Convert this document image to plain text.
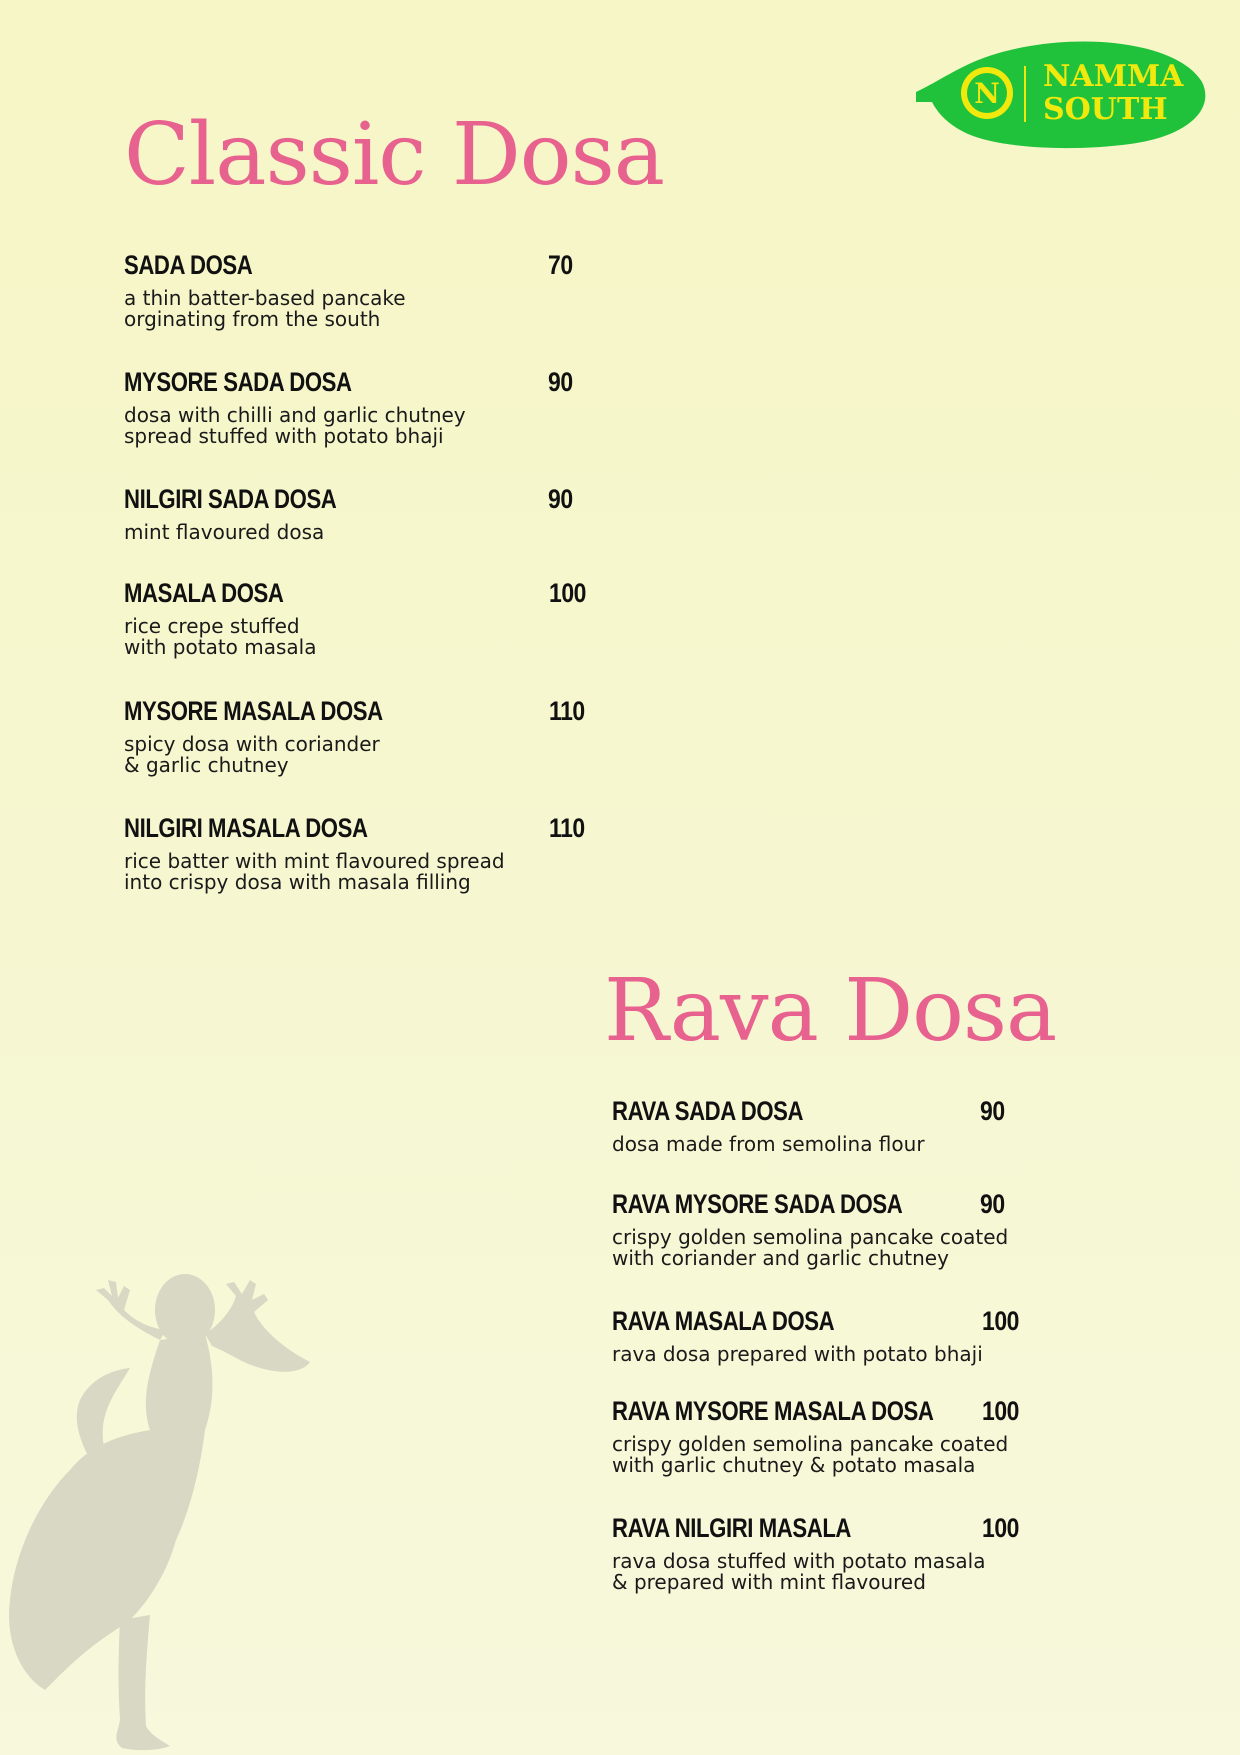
N NAMMA
SOUTH
Classic Dosa
SADA DOSA	70
a thin batter-based pancake
orginating from the south
MYSORE SADA DOSA	90
dosa with chilli and garlic chutney
spread stuffed with potato bhaji
NILGIRI SADA DOSA	90
mint flavoured dosa
MASALA DOSA	100
rice crepe stuffed
with potato masala
MYSORE MASALA DOSA	110
spicy dosa with coriander
& garlic chutney
NILGIRI MASALA DOSA	110
rice batter with mint flavoured spread
into crispy dosa with masala filling
Rava Dosa
RAVA SADA DOSA	90
dosa made from semolina flour
RAVA MYSORE SADA DOSA	90
crispy golden semolina pancake coated
with coriander and garlic chutney
RAVA MASALA DOSA	100
rava dosa prepared with potato bhaji
RAVA MYSORE MASALA DOSA 100
crispy golden semolina pancake coated
with garlic chutney & potato masala
RAVA NILGIRI MASALA	100
rava dosa stuffed with potato masala
& prepared with mint flavoured
